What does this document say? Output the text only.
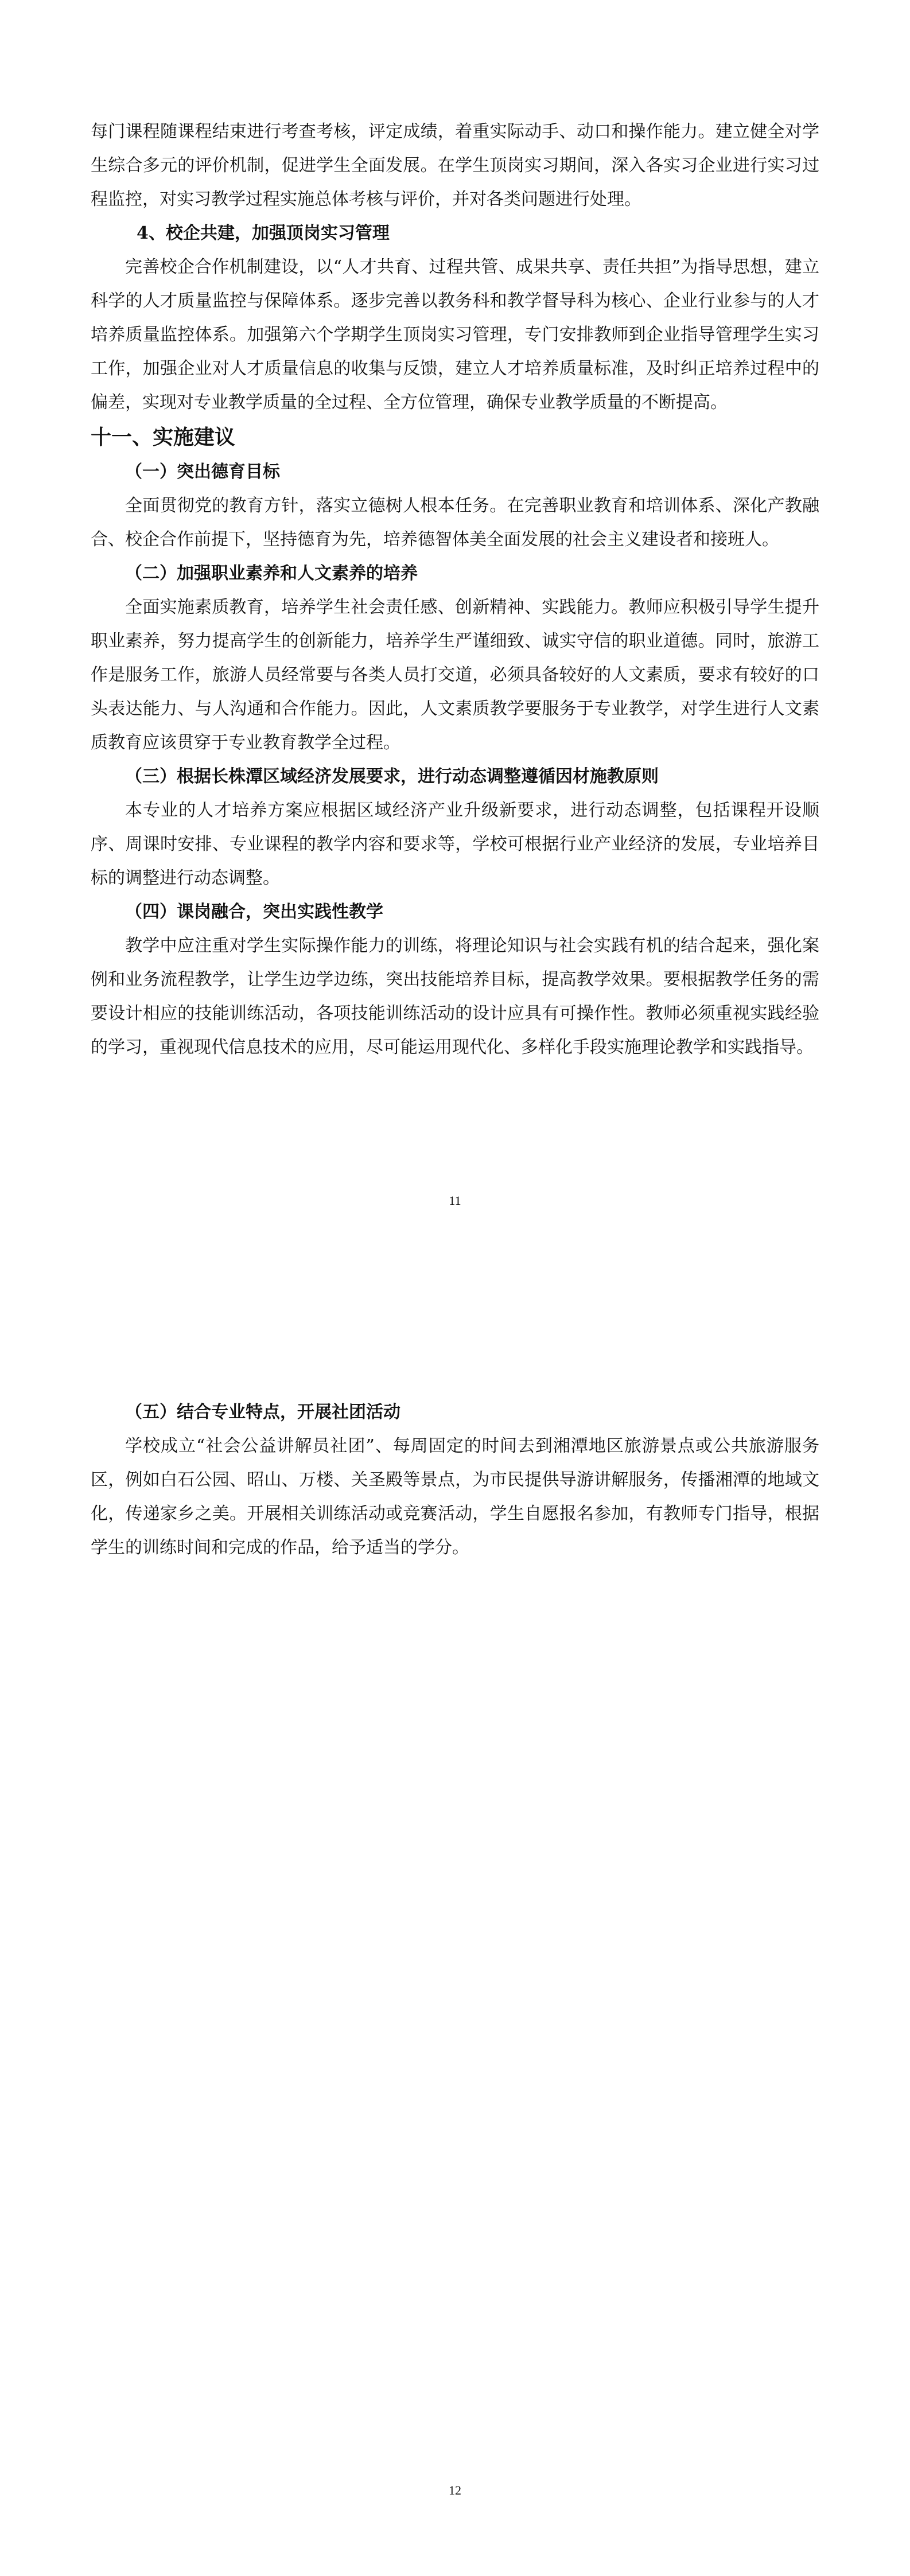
每门课程随课程结束进行考查考核，评定成绩，着重实际动手、动口和操作能力。建立健全对学生综合多元的评价机制，促进学生全面发展。在学生顶岗实习期间，深入各实习企业进行实习过程监控，对实习教学过程实施总体考核与评价，并对各类问题进行处理。

4、校企共建，加强顶岗实习管理

完善校企合作机制建设，以“人才共育、过程共管、成果共享、责任共担”为指导思想，建立科学的人才质量监控与保障体系。逐步完善以教务科和教学督导科为核心、企业行业参与的人才培养质量监控体系。加强第六个学期学生顶岗实习管理，专门安排教师到企业指导管理学生实习工作，加强企业对人才质量信息的收集与反馈，建立人才培养质量标准，及时纠正培养过程中的偏差，实现对专业教学质量的全过程、全方位管理，确保专业教学质量的不断提高。

十一、实施建议
（一）突出德育目标

全面贯彻党的教育方针，落实立德树人根本任务。在完善职业教育和培训体系、深化产教融合、校企合作前提下，坚持德育为先，培养德智体美全面发展的社会主义建设者和接班人。

（二）加强职业素养和人文素养的培养

全面实施素质教育，培养学生社会责任感、创新精神、实践能力。教师应积极引导学生提升职业素养，努力提高学生的创新能力，培养学生严谨细致、诚实守信的职业道德。同时，旅游工作是服务工作，旅游人员经常要与各类人员打交道，必须具备较好的人文素质，要求有较好的口头表达能力、与人沟通和合作能力。因此，人文素质教学要服务于专业教学，对学生进行人文素质教育应该贯穿于专业教育教学全过程。

（三）根据长株潭区域经济发展要求，进行动态调整遵循因材施教原则

本专业的人才培养方案应根据区域经济产业升级新要求，进行动态调整，包括课程开设顺序、周课时安排、专业课程的教学内容和要求等，学校可根据行业产业经济的发展，专业培养目标的调整进行动态调整。

（四）课岗融合，突出实践性教学

教学中应注重对学生实际操作能力的训练，将理论知识与社会实践有机的结合起来，强化案例和业务流程教学，让学生边学边练，突出技能培养目标，提高教学效果。要根据教学任务的需要设计相应的技能训练活动，各项技能训练活动的设计应具有可操作性。教师必须重视实践经验的学习，重视现代信息技术的应用，尽可能运用现代化、多样化手段实施理论教学和实践指导。

11
（五）结合专业特点，开展社团活动

学校成立“社会公益讲解员社团”、每周固定的时间去到湘潭地区旅游景点或公共旅游服务区，例如白石公园、昭山、万楼、关圣殿等景点，为市民提供导游讲解服务，传播湘潭的地域文化，传递家乡之美。开展相关训练活动或竞赛活动，学生自愿报名参加，有教师专门指导，根据学生的训练时间和完成的作品，给予适当的学分。

12
